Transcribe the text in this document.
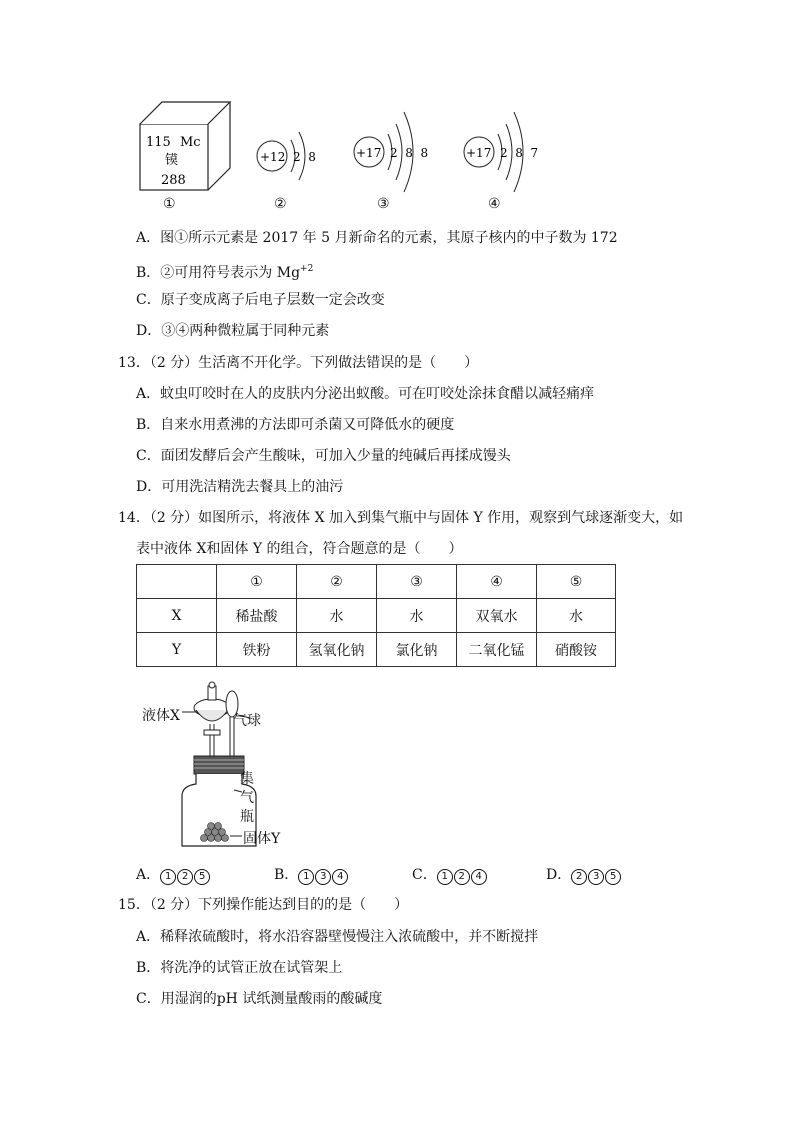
115 Mc
镆
288
+12 2  8	+17 2  8  8	+17 2  8  7
①	②	③	④
A．图①所示元素是 2017 年 5 月新命名的元素，其原子核内的中子数为 172
B．②可用符号表示为 $Mg^{+2}$
C．原子变成离子后电子层数一定会改变
D．③④两种微粒属于同种元素
13．（2 分）生活离不开化学。下列做法错误的是（　　）
A．蚊虫叮咬时在人的皮肤内分泌出蚁酸。可在叮咬处涂抹食醋以减轻痛痒
B．自来水用煮沸的方法即可杀菌又可降低水的硬度
C．面团发酵后会产生酸味，可加入少量的纯碱后再揉成馒头
D．可用洗洁精洗去餐具上的油污
14．（2 分）如图所示，将液体 X 加入到集气瓶中与固体 Y 作用，观察到气球逐渐变大，如
表中液体 X和固体 Y 的组合，符合题意的是（　　）
	①	②	③	④	⑤
X	稀盐酸	水	水	双氧水	水
Y	铁粉	氢氧化钠	氯化钠	二氧化锰	硝酸铵
液体X	气球
集
气
瓶
固体Y
A． 1 2 5	B． 1 3 4	C． 1 2 4	D． 2 3 5
15．（2 分）下列操作能达到目的的是（　　）
A．稀释浓硫酸时，将水沿容器壁慢慢注入浓硫酸中，并不断搅拌
B．将洗净的试管正放在试管架上
C．用湿润的pH 试纸测量酸雨的酸碱度
